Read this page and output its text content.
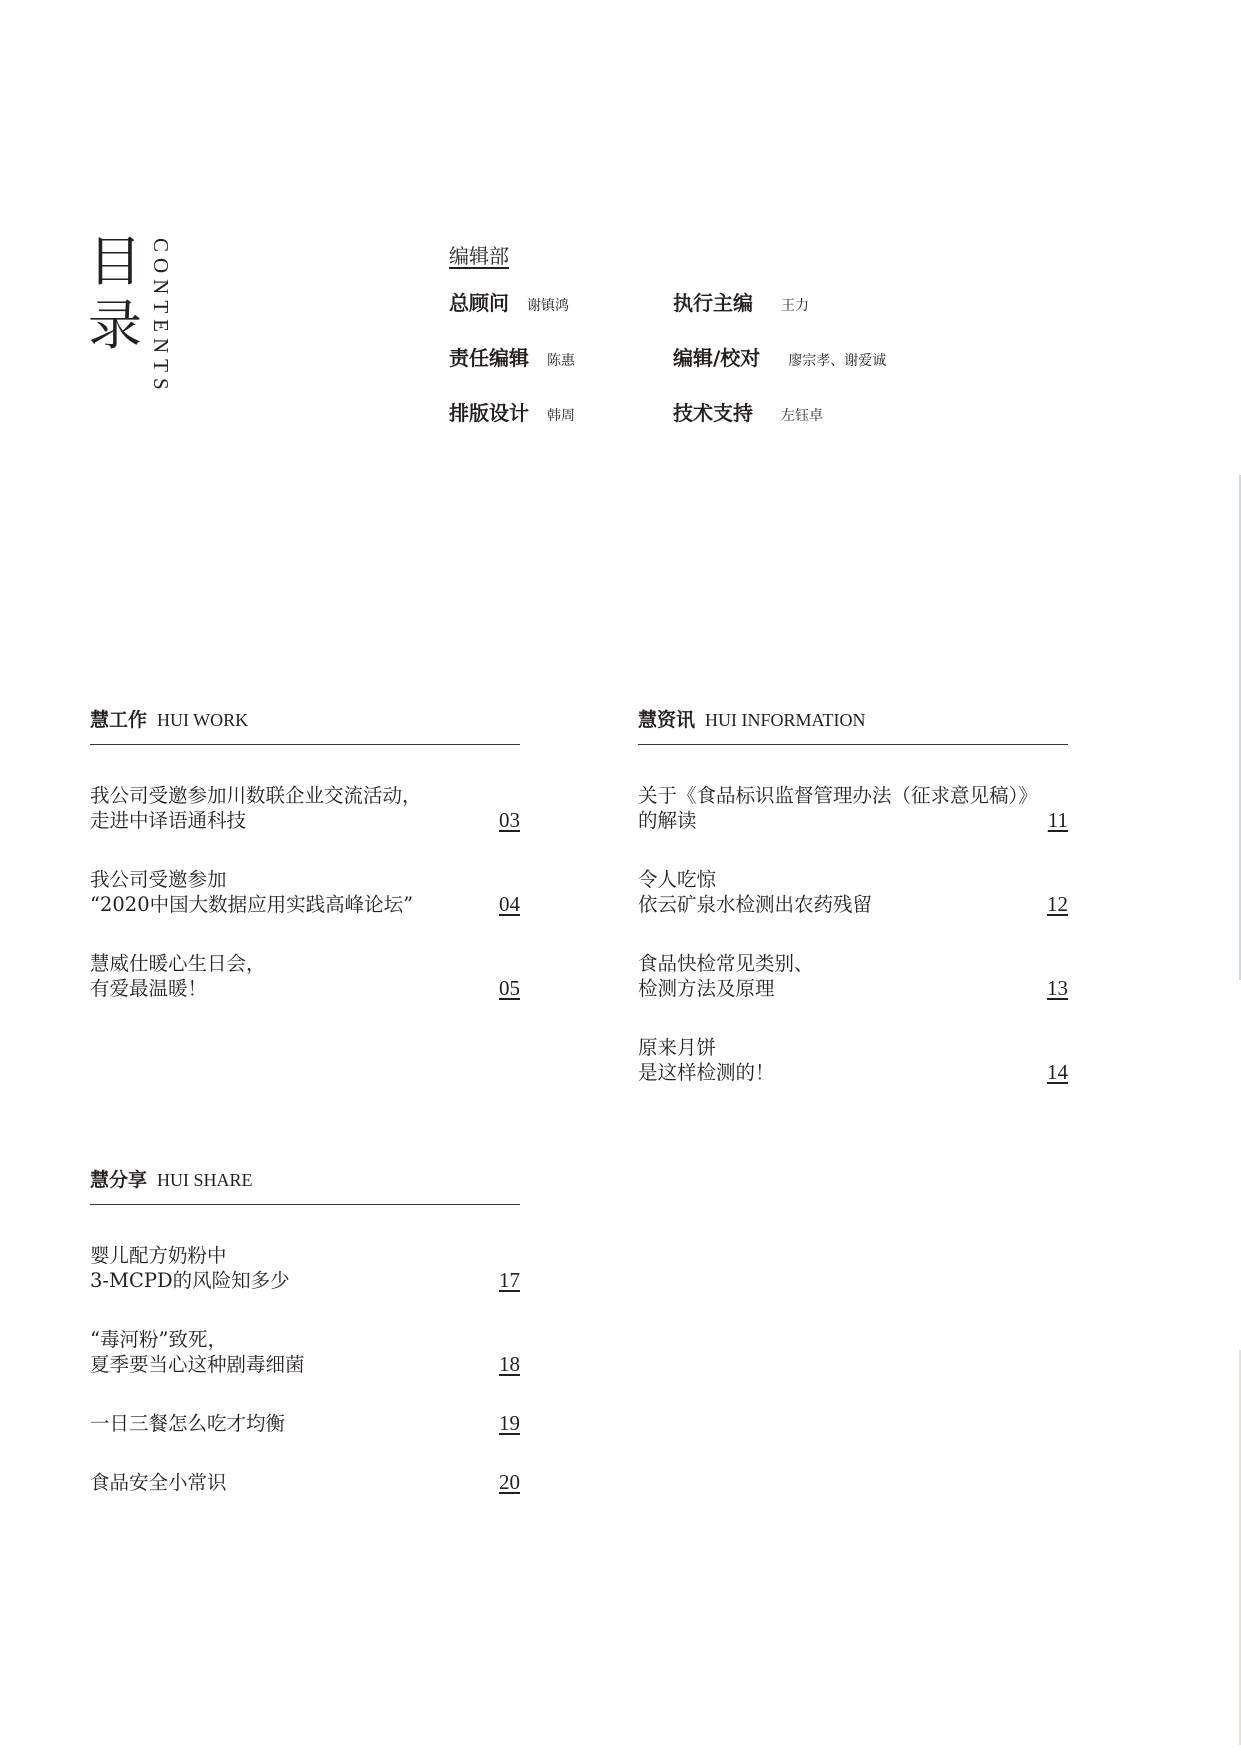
目
录 CONTENTS	编辑部
总顾问 谢镇鸿	执行主编 王力
责任编辑 陈惠	编辑/校对 廖宗孝、谢爱诚
排版设计 韩周	技术支持 左钰卓
慧工作 HUI WORK
我公司受邀参加川数联企业交流活动，
走进中译语通科技	03
我公司受邀参加
“2020中国大数据应用实践高峰论坛”	04
慧威仕暖心生日会，
有爱最温暖！	05
慧资讯 HUI INFORMATION
关于《食品标识监督管理办法（征求意见稿）》
的解读	11
令人吃惊
依云矿泉水检测出农药残留	12
食品快检常见类别、
检测方法及原理	13
原来月饼
是这样检测的！	14
慧分享 HUI SHARE
婴儿配方奶粉中
3-MCPD的风险知多少	17
“毒河粉”致死，
夏季要当心这种剧毒细菌	18
一日三餐怎么吃才均衡	19
食品安全小常识	20
